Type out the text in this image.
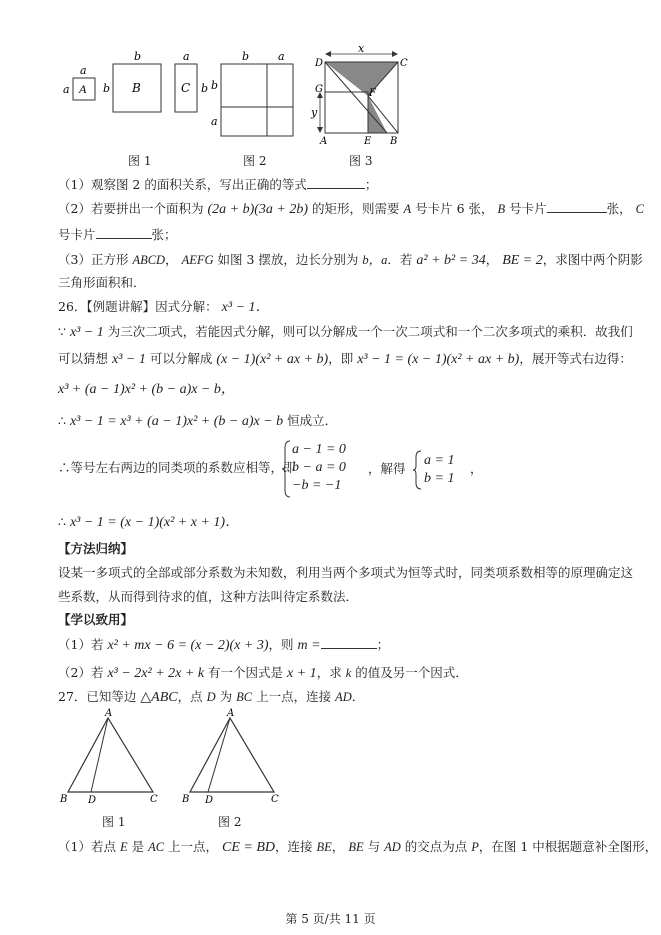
A
a
a	B
b
b	C
a
b
b	a
b
a
x
y
D	C
G	F
A	E B
图 1	图 2	图 3
（1）观察图 2 的面积关系，写出正确的等式	；
（2）若要拼出一个面积为 (2a + b)(3a + 2b) 的矩形，则需要 A 号卡片 6 张， B 号卡片	张， C
号卡片	张；
（3）正方形 ABCD， AEFG 如图 3 摆放，边长分别为 b，a．若 a² + b² = 34， BE = 2，求图中两个阴影
三角形面积和．
26．【例题讲解】因式分解： x³ − 1．
∵ x³ − 1 为三次二项式，若能因式分解，则可以分解成一个一次二项式和一个二次多项式的乘积．故我们
可以猜想 x³ − 1 可以分解成 (x − 1)(x² + ax + b)，即 x³ − 1 = (x − 1)(x² + ax + b)，展开等式右边得：
x³ + (a − 1)x² + (b − a)x − b，
∴ x³ − 1 = x³ + (a − 1)x² + (b − a)x − b 恒成立．
∴等号左右两边的同类项的系数应相等，即
a − 1 = 0
b − a = 0
−b = −1
，解得
a = 1
b = 1
，
∴ x³ − 1 = (x − 1)(x² + x + 1)．
【方法归纳】
设某一多项式的全部或部分系数为未知数，利用当两个多项式为恒等式时，同类项系数相等的原理确定这
些系数，从而得到待求的值，这种方法叫待定系数法．
【学以致用】
（1）若 x² + mx − 6 = (x − 2)(x + 3)，则 m =	；
（2）若 x³ − 2x² + 2x + k 有一个因式是 x + 1，求 k 的值及另一个因式．
27．已知等边 △ABC，点 D 为 BC 上一点，连接 AD．
A
B D	C
A
B D	C
图 1	图 2
（1）若点 E 是 AC 上一点， CE = BD，连接 BE， BE 与 AD 的交点为点 P，在图 1 中根据题意补全图形，
第 5 页/共 11 页
